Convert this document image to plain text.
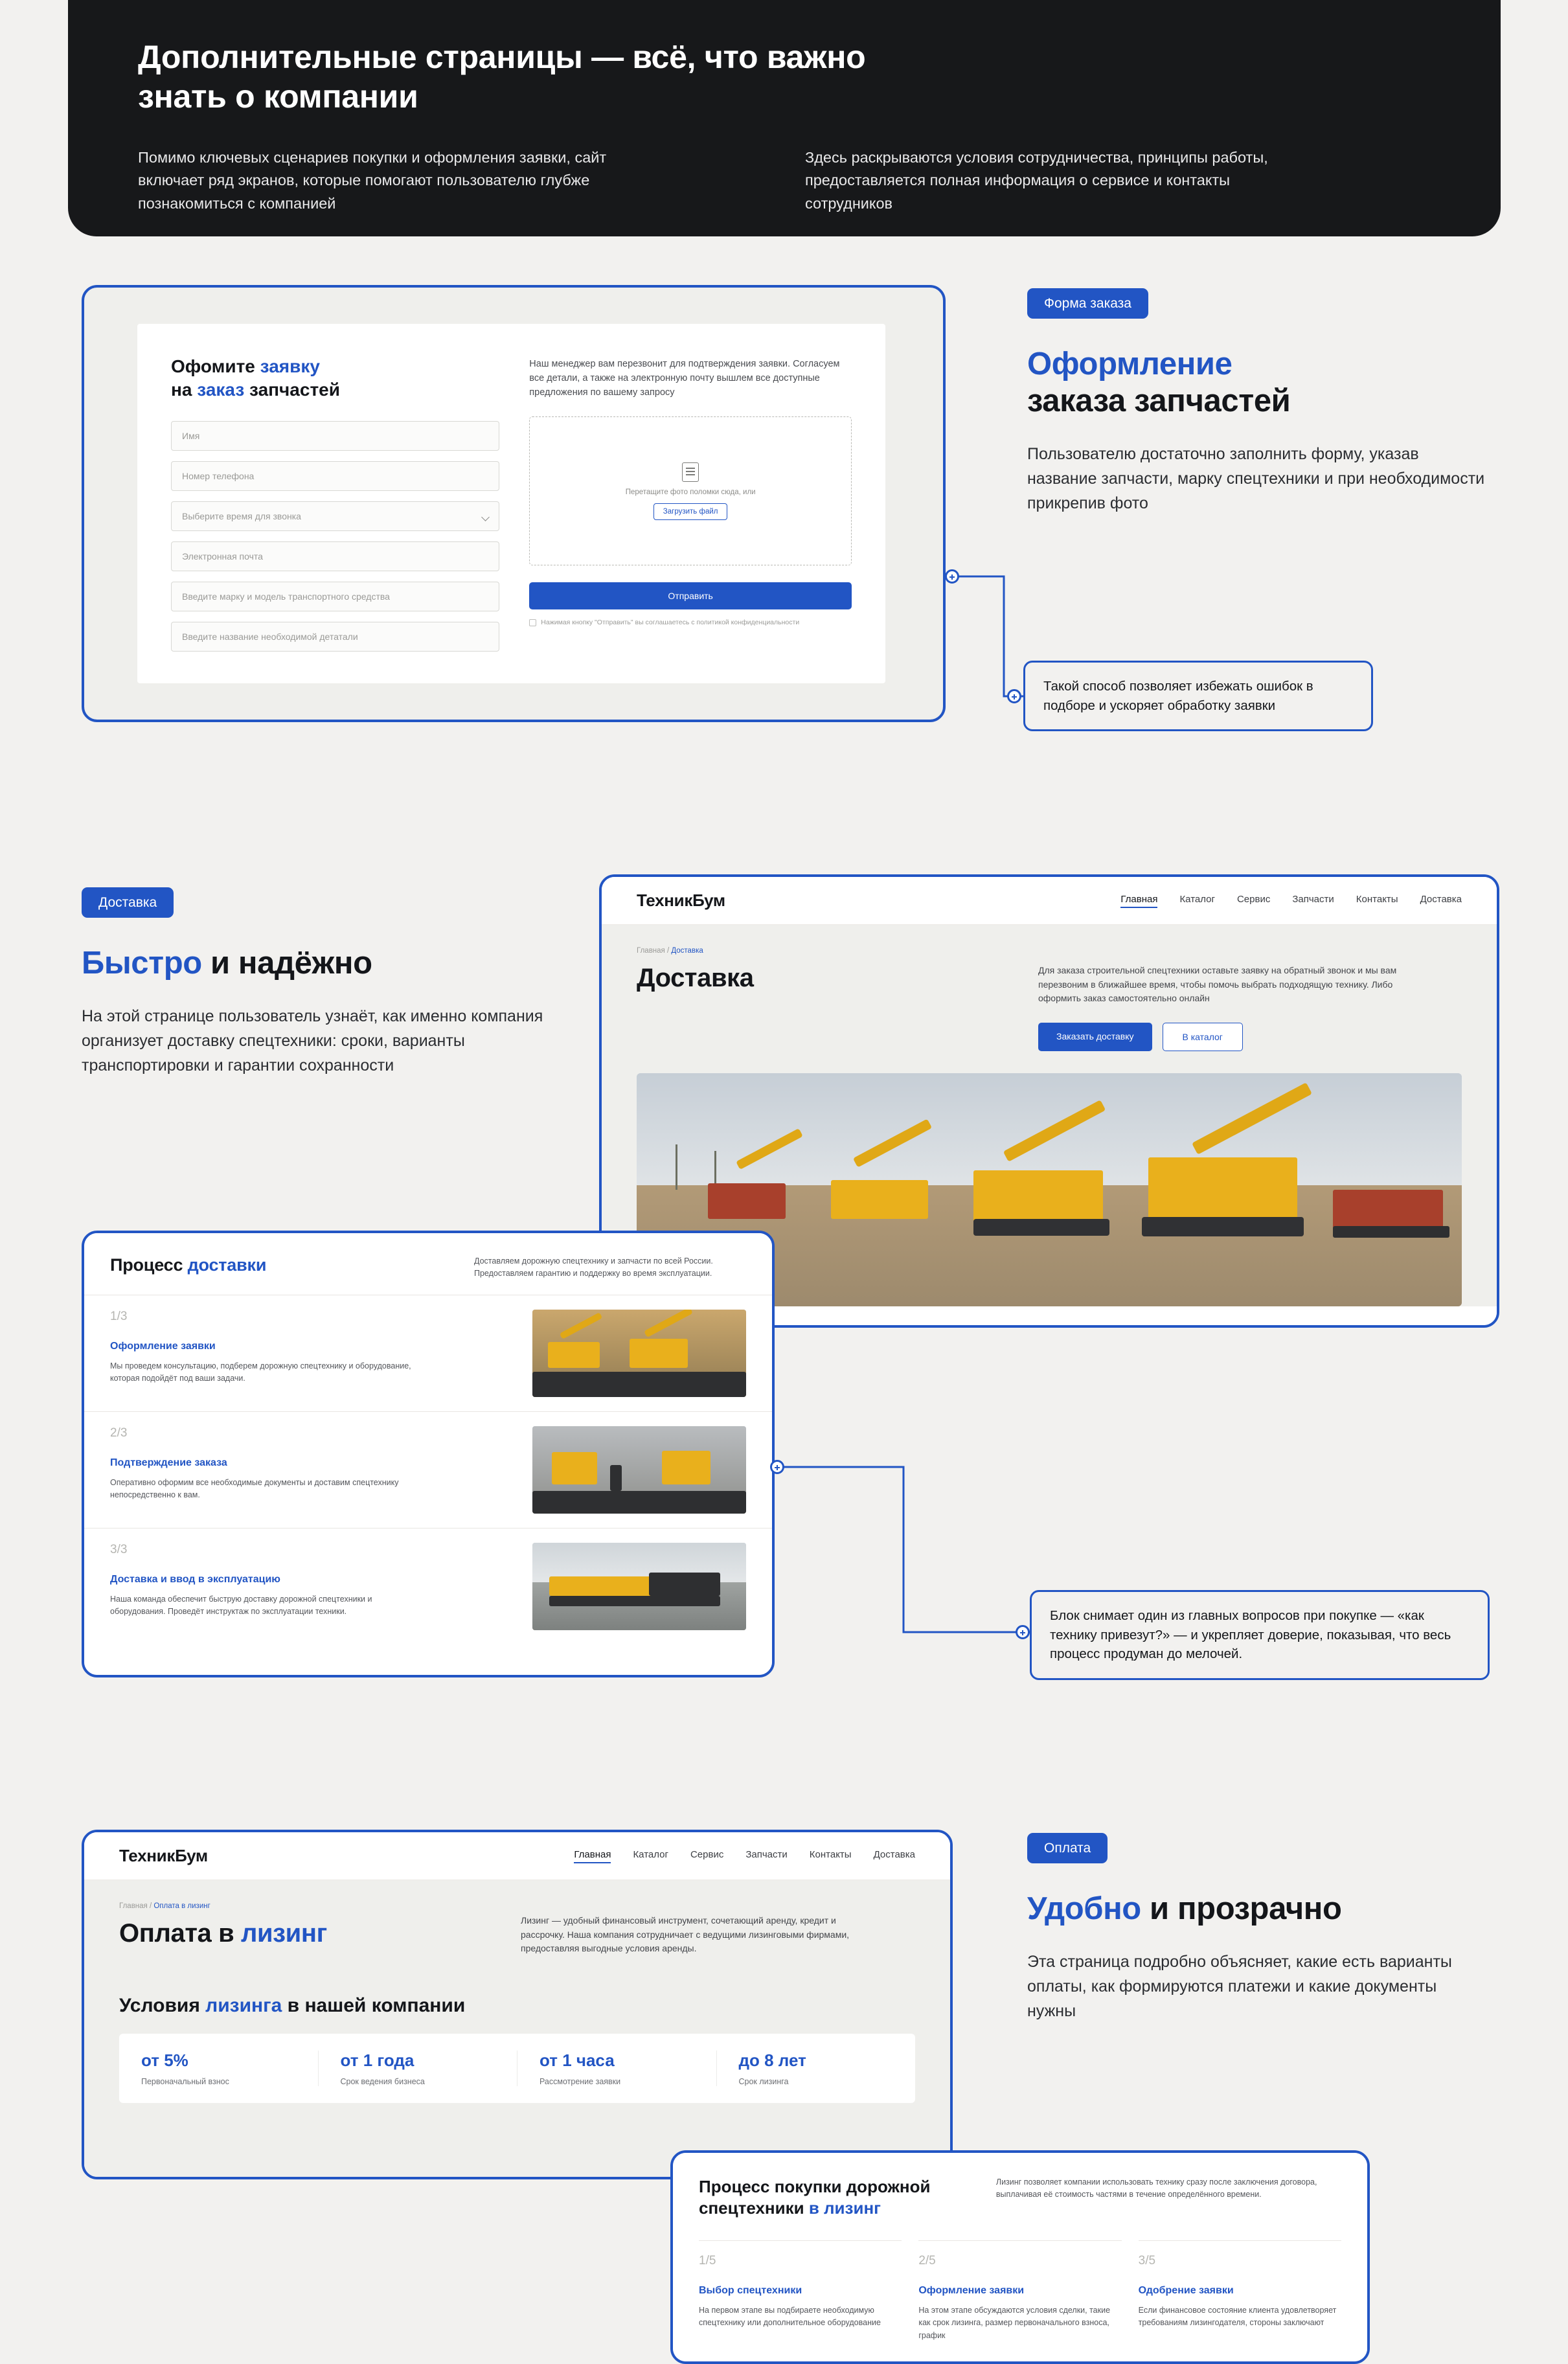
Дополнительные страницы — всё, что важно знать о компании
Помимо ключевых сценариев покупки и оформления заявки, сайт включает ряд экранов, которые помогают пользователю глубже познакомиться с компанией
Здесь раскрываются условия сотрудничества, принципы работы, предоставляется полная информация о сервисе и контакты сотрудников
Офомите заявку
на заказ запчастей
Имя
Номер телефона
Выберите время для звонка
Электронная почта
Введите марку и модель транспортного средства
Введите название необходимой детатали

Наш менеджер вам перезвонит для подтверждения заявки. Согласуем все детали, а также на электронную почту вышлем все доступные предложения по вашему запросу

Перетащите фото поломки сюда, или
Загрузить файл
Отправить
Нажимая кнопку "Отправить" вы соглашаетесь с политикой конфиденциальности
Форма заказа
Оформление
заказа запчастей
Пользователю достаточно заполнить форму, указав название запчасти, марку спецтехники и при необходимости прикрепив фото
Такой способ позволяет избежать ошибок в подборе и ускоряет обработку заявки
Доставка
Быстро и надёжно
На этой странице пользователь узнаёт, как именно компания организует доставку спецтехники: сроки, варианты транспортировки и гарантии сохранности
ТехникБум	Главная Каталог Сервис Запчасти Контакты Доставка
Главная / Доставка
Доставка	Для заказа строительной спецтехники оставьте заявку на обратный звонок и мы вам перезвоним в ближайшее время, чтобы помочь выбрать подходящую технику. Либо оформить заказ самостоятельно онлайн

Заказать доставку	В каталог
Процесс доставки	Доставляем дорожную спецтехнику и запчасти по всей России. Предоставляем гарантию и поддержку во время эксплуатации.
1/3
Оформление заявки
Мы проведем консультацию, подберем дорожную спецтехнику и оборудование, которая подойдёт под ваши задачи.
2/3
Подтверждение заказа
Оперативно оформим все необходимые документы и доставим спецтехнику непосредственно к вам.
3/3
Доставка и ввод в эксплуатацию
Наша команда обеспечит быструю доставку дорожной спецтехники и оборудования. Проведёт инструктаж по эксплуатации техники.	Блок снимает один из главных вопросов при покупке — «как технику привезут?» — и укрепляет доверие, показывая, что весь процесс продуман до мелочей.
ТехникБум	Главная Каталог Сервис Запчасти Контакты Доставка
Главная / Оплата в лизинг
Оплата в лизинг	Лизинг — удобный финансовый инструмент, сочетающий аренду, кредит и рассрочку. Наша компания сотрудничает с ведущими лизинговыми фирмами, предоставляя выгодные условия аренды.

Условия лизинга в нашей компании
от 5%
Первоначальный взнос
от 1 года
Срок ведения бизнеса
от 1 часа
Рассмотрение заявки
до 8 лет
Срок лизинга
Оплата
Удобно и прозрачно
Эта страница подробно объясняет, какие есть варианты оплаты, как формируются платежи и какие документы нужны
Процесс покупки дорожной
спецтехники в лизинг
Лизинг позволяет компании использовать технику сразу после заключения договора, выплачивая её стоимость частями в течение определённого времени.
1/5
Выбор спецтехники
На первом этапе вы подбираете необходимую спецтехнику или дополнительное оборудование
2/5
Оформление заявки
На этом этапе обсуждаются условия сделки, такие как срок лизинга, размер первоначального взноса, график
3/5
Одобрение заявки
Если финансовое состояние клиента удовлетворяет требованиям лизингодателя, стороны заключают
